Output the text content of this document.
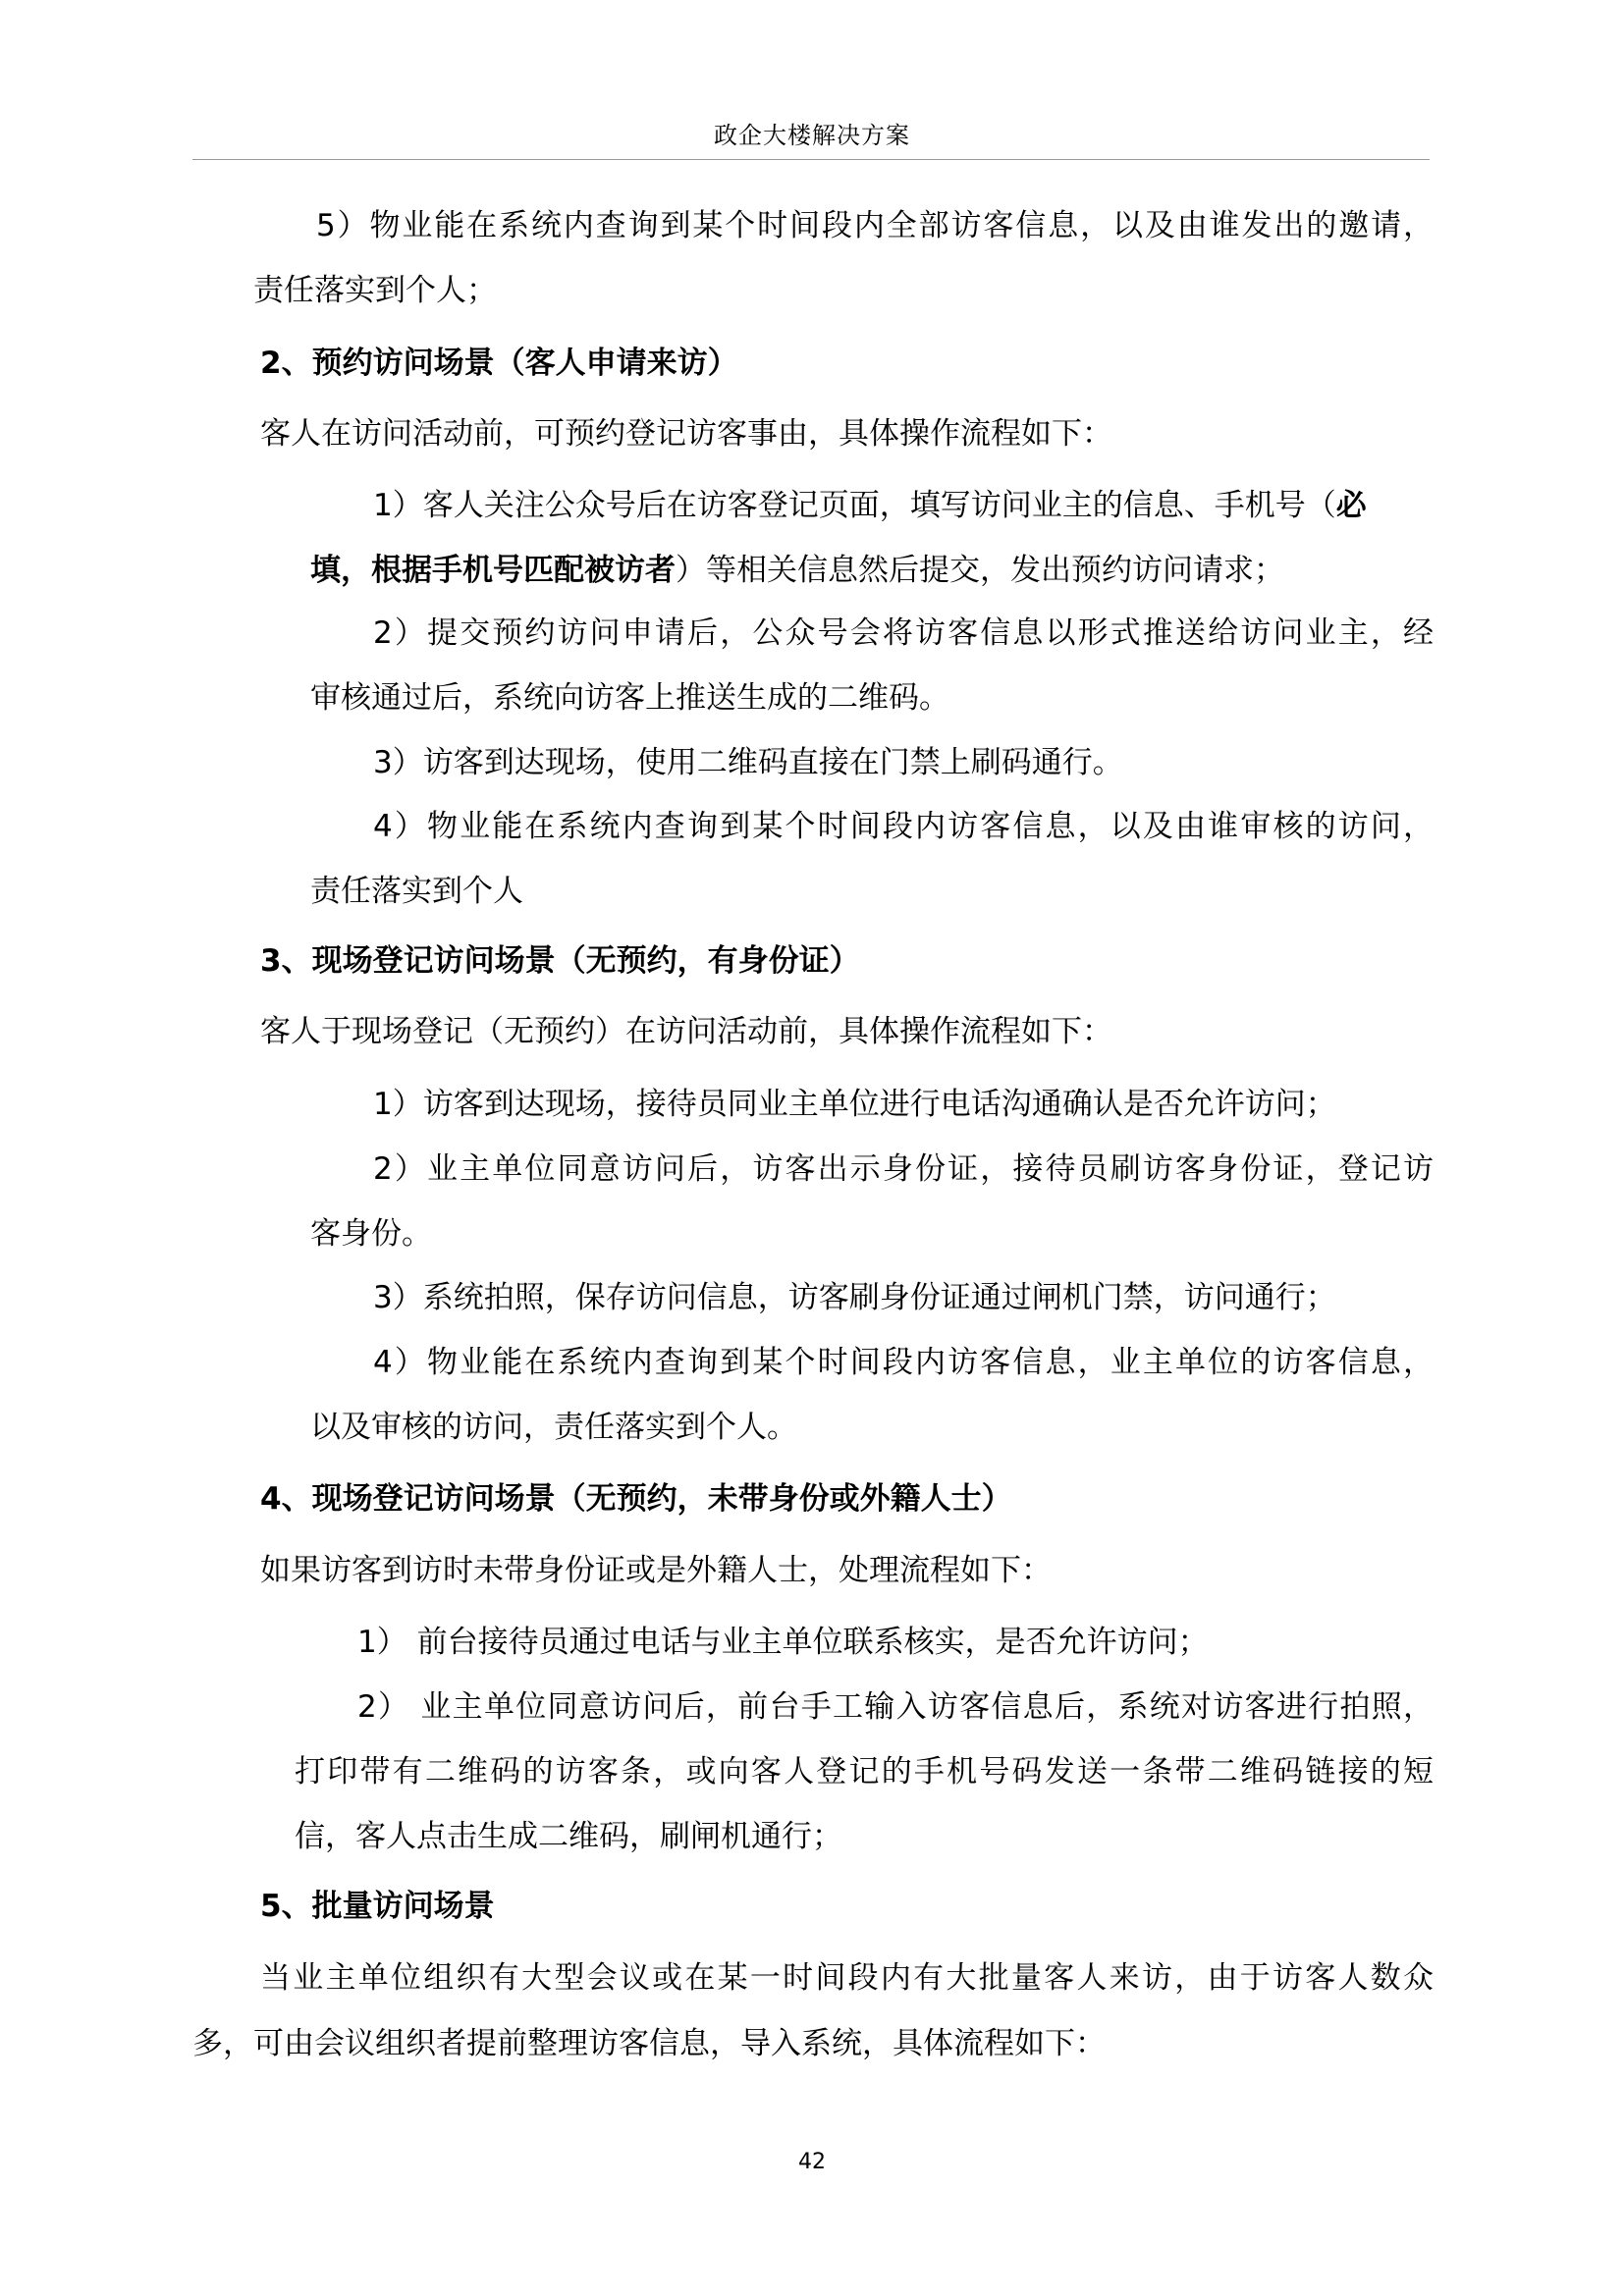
政企大楼解决方案

5）物业能在系统内查询到某个时间段内全部访客信息，以及由谁发出的邀请，

责任落实到个人；

2、预约访问场景（客人申请来访）

客人在访问活动前，可预约登记访客事由，具体操作流程如下：

1）客人关注公众号后在访客登记页面，填写访问业主的信息、手机号（必

填，根据手机号匹配被访者）等相关信息然后提交，发出预约访问请求；

2）提交预约访问申请后，公众号会将访客信息以形式推送给访问业主，经

审核通过后，系统向访客上推送生成的二维码。

3）访客到达现场，使用二维码直接在门禁上刷码通行。

4）物业能在系统内查询到某个时间段内访客信息，以及由谁审核的访问，

责任落实到个人

3、现场登记访问场景（无预约，有身份证）

客人于现场登记（无预约）在访问活动前，具体操作流程如下：

1）访客到达现场，接待员同业主单位进行电话沟通确认是否允许访问；

2）业主单位同意访问后，访客出示身份证，接待员刷访客身份证，登记访

客身份。

3）系统拍照，保存访问信息，访客刷身份证通过闸机门禁，访问通行；

4）物业能在系统内查询到某个时间段内访客信息，业主单位的访客信息，

以及审核的访问，责任落实到个人。

4、现场登记访问场景（无预约，未带身份或外籍人士）

如果访客到访时未带身份证或是外籍人士，处理流程如下：

1） 前台接待员通过电话与业主单位联系核实，是否允许访问；

2） 业主单位同意访问后，前台手工输入访客信息后，系统对访客进行拍照，

打印带有二维码的访客条，或向客人登记的手机号码发送一条带二维码链接的短

信，客人点击生成二维码，刷闸机通行；

5、批量访问场景

当业主单位组织有大型会议或在某一时间段内有大批量客人来访，由于访客人数众

多，可由会议组织者提前整理访客信息，导入系统，具体流程如下：

42
